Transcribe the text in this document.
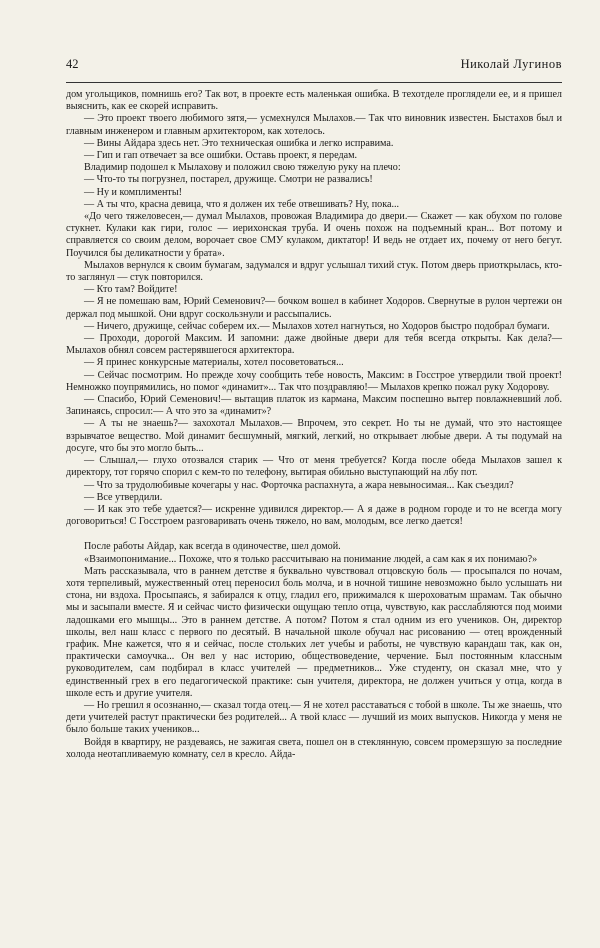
42	Николай Лугинов

дом угольщиков, помнишь его? Так вот, в проекте есть маленькая ошибка. В техотделе проглядели ее, и я пришел выяснить, как ее скорей исправить.

— Это проект твоего любимого зятя,— усмехнулся Мылахов.— Так что виновник известен. Быстахов был и главным инженером и главным архитектором, как хотелось.

— Вины Айдара здесь нет. Это техническая ошибка и легко исправима.

— Гип и гап отвечает за все ошибки. Оставь проект, я передам.

Владимир подошел к Мылахову и положил свою тяжелую руку на плечо:

— Что-то ты погрузнел, постарел, дружище. Смотри не развались!

— Ну и комплименты!

— А ты что, красна девица, что я должен их тебе отвешивать? Ну, пока...

«До чего тяжеловесен,— думал Мылахов, провожая Владимира до двери.— Скажет — как обухом по голове стукнет. Кулаки как гири, голос — иерихонская труба. И очень похож на подъемный кран... Вот потому и справляется со своим делом, ворочает свое СМУ кулаком, диктатор! И ведь не отдает их, почему от него бегут. Поучился бы деликатности у брата».

Мылахов вернулся к своим бумагам, задумался и вдруг услышал тихий стук. Потом дверь приоткрылась, кто-то заглянул — стук повторился.

— Кто там? Войдите!

— Я не помешаю вам, Юрий Семенович?— бочком вошел в кабинет Ходоров. Свернутые в рулон чертежи он держал под мышкой. Они вдруг соскользнули и рассыпались.

— Ничего, дружище, сейчас соберем их.— Мылахов хотел нагнуться, но Ходоров быстро подобрал бумаги.

— Проходи, дорогой Максим. И запомни: даже двойные двери для тебя всегда открыты. Как дела?— Мылахов обнял совсем растерявшегося архитектора.

— Я принес конкурсные материалы, хотел посоветоваться...

— Сейчас посмотрим. Но прежде хочу сообщить тебе новость, Максим: в Госстрое утвердили твой проект! Немножко поупрямились, но помог «динамит»... Так что поздравляю!— Мылахов крепко пожал руку Ходорову.

— Спасибо, Юрий Семенович!— вытащив платок из кармана, Максим поспешно вытер повлажневший лоб. Запинаясь, спросил:— А что это за «динамит»?

— А ты не знаешь?— захохотал Мылахов.— Впрочем, это секрет. Но ты не думай, что это настоящее взрывчатое вещество. Мой динамит бесшумный, мягкий, легкий, но открывает любые двери. А ты подумай на досуге, что бы это могло быть...

— Слышал,— глухо отозвался старик — Что от меня требуется? Когда после обеда Мылахов зашел к директору, тот горячо спорил с кем-то по телефону, вытирая обильно выступающий на лбу пот.

— Что за трудолюбивые кочегары у нас. Форточка распахнута, а жара невыносимая... Как съездил?

— Все утвердили.

— И как это тебе удается?— искренне удивился директор.— А я даже в родном городе и то не всегда могу договориться! С Госстроем разговаривать очень тяжело, но вам, молодым, все легко дается!

После работы Айдар, как всегда в одиночестве, шел домой.

«Взаимопонимание... Похоже, что я только рассчитываю на понимание людей, а сам как я их понимаю?»

Мать рассказывала, что в раннем детстве я буквально чувствовал отцовскую боль — просыпался по ночам, хотя терпеливый, мужественный отец переносил боль молча, и в ночной тишине невозможно было услышать ни стона, ни вздоха. Просыпаясь, я забирался к отцу, гладил его, прижимался к шероховатым шрамам. Так обычно мы и засыпали вместе. Я и сейчас чисто физически ощущаю тепло отца, чувствую, как расслабляются под моими ладошками его мышцы... Это в раннем детстве. А потом? Потом я стал одним из его учеников. Он, директор школы, вел наш класс с первого по десятый. В начальной школе обучал нас рисованию — отец врожденный график. Мне кажется, что я и сейчас, после стольких лет учебы и работы, не чувствую карандаш так, как он, практически самоучка... Он вел у нас историю, обществоведение, черчение. Был постоянным классным руководителем, сам подбирал в класс учителей — предметников... Уже студенту, он сказал мне, что у единственный грех в его педагогической практике: сын учителя, директора, не должен учиться у отца, когда в школе есть и другие учителя.

— Но грешил я осознанно,— сказал тогда отец.— Я не хотел расставаться с тобой в школе. Ты же знаешь, что дети учителей растут практически без родителей... А твой класс — лучший из моих выпусков. Никогда у меня не было больше таких учеников...

Войдя в квартиру, не раздеваясь, не зажигая света, пошел он в стеклянную, совсем промерзшую за последние холода неотапливаемую комнату, сел в кресло. Айда-
